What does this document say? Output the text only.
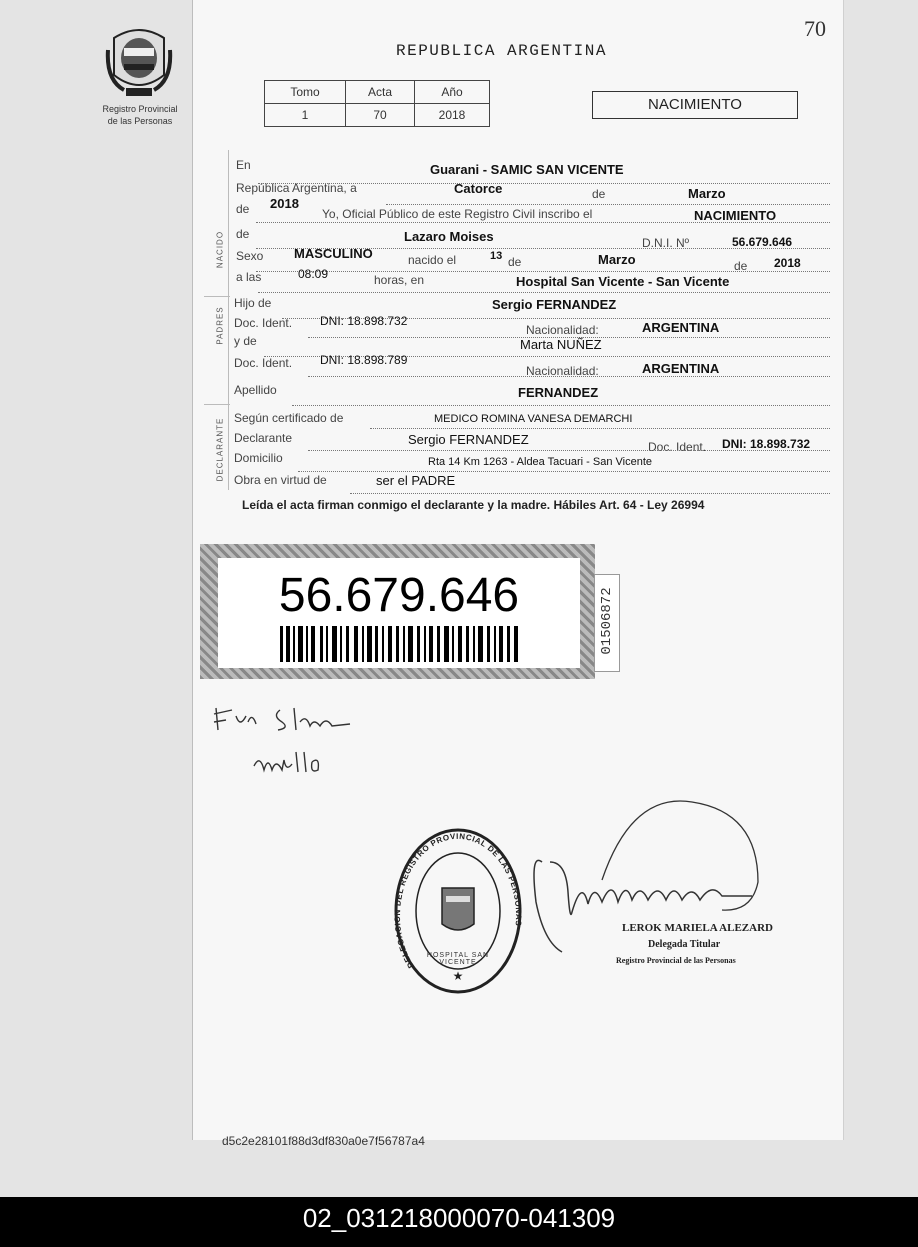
70
Registro Provincial
de las Personas
REPUBLICA ARGENTINA
Tomo	Acta	Año
1	70	2018
NACIMIENTO
NACIDO
PADRES
DECLARANTE
En	Guarani - SAMIC SAN VICENTE
República Argentina, a	Catorce	de	Marzo
de 2018
Yo, Oficial Público de este Registro Civil inscribo el	NACIMIENTO
de	Lazaro Moises	D.N.I. Nº	56.679.646
Sexo MASCULINO	nacido el	13 de	Marzo	de 2018
a las	08:09	horas, en	Hospital San Vicente - San Vicente
Hijo de	Sergio FERNANDEZ
Doc. Ident. DNI: 18.898.732
Nacionalidad:	ARGENTINA
y de	Marta NUÑEZ
Doc. Ident. DNI: 18.898.789
Nacionalidad:	ARGENTINA
Apellido	FERNANDEZ
Según certificado de	MEDICO ROMINA VANESA DEMARCHI
Declarante	Sergio FERNANDEZ	Doc. Ident. DNI: 18.898.732
Domicilio	Rta 14 Km 1263 - Aldea Tacuari - San Vicente
Obra en virtud de	ser el PADRE
Leída el acta firman conmigo el declarante y la madre. Hábiles Art. 64 - Ley 26994
56.679.646	01506872
DELEGACION DEL REGISTRO PROVINCIAL DE LAS PERSONAS
★
HOSPITAL SAN VICENTE
LEROK MARIELA ALEZARD
Delegada Titular
Registro Provincial de las Personas
d5c2e28101f88d3df830a0e7f56787a4
02_031218000070-041309
